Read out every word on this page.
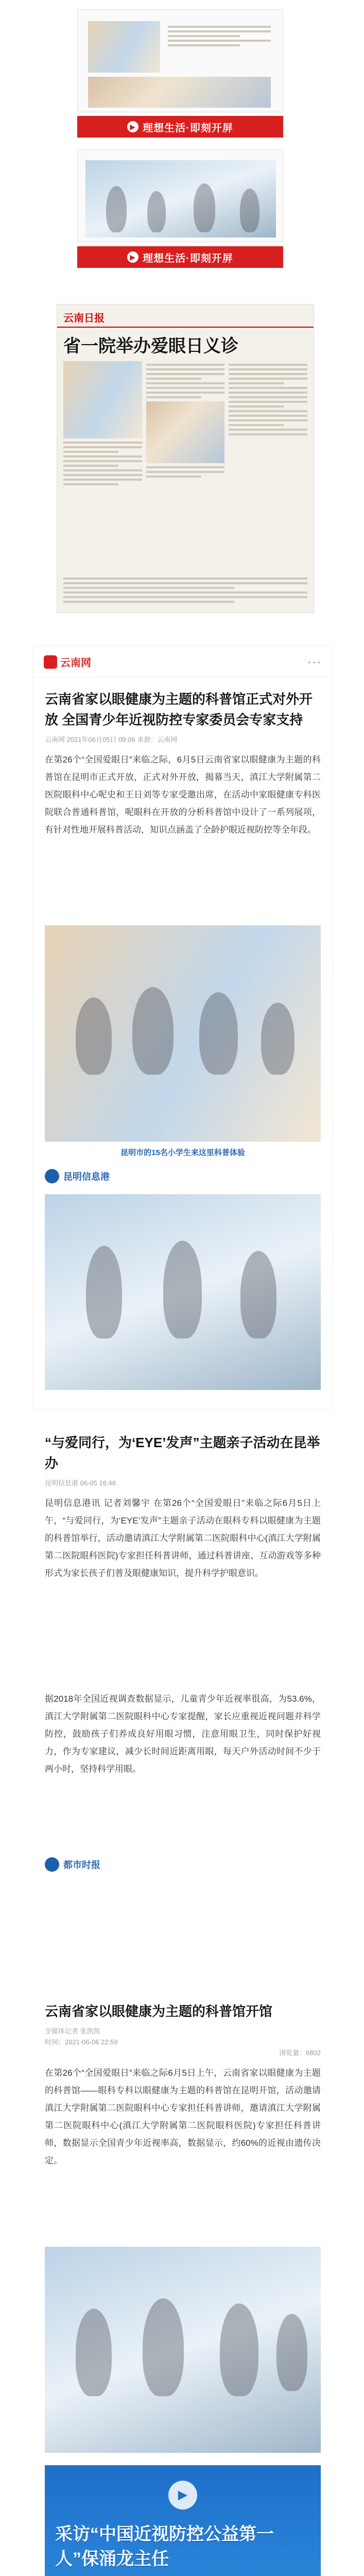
▶ 理想生活·即刻开屏
▶ 理想生活·即刻开屏
云南日报
省一院举办爱眼日义诊
云南网	···
云南省家以眼健康为主题的科普馆正式对外开放 全国青少年近视防控专家委员会专家支持
云南网 2021年06月05日 09:06 来源：云南网
在第26个“全国爱眼日”来临之际，6月5日云南省家以眼健康为主题的科普馆在昆明市正式开放，正式对外开放，揭幕当天，滇江大学附属第二医院眼科中心呢史和王日刘等专家受邀出席，在活动中家眼健康专科医院联合普通科普馆，呢眼科在开放的分析科普馆中设计了一系列展项，有针对性地开展科普活动，知识点涵盖了全龄护眼近视防控等全年段。
昆明市的15名小学生来这里科普体验
昆明信息港
“与爱同行，为‘EYE’发声”主题亲子活动在昆举办
昆明信息港 06-05 16:46
昆明信息港讯 记者刘馨宇 在第26个“全国爱眼日”来临之际6月5日上午，“与爱同行，为‘EYE’发声”主题亲子活动在眼科专科以眼健康为主题的科普馆举行，活动邀请滇江大学附属第二医院眼科中心(滇江大学附属第二医院眼科医院)专家担任科普讲师，通过科普讲座、互动游戏等多种形式为家长孩子们普及眼健康知识，提升科学护眼意识。
据2018年全国近视调查数据显示，儿童青少年近视率很高，为53.6%，滇江大学附属第二医院眼科中心专家提醒，家长应重视近视问题并科学防控，鼓励孩子们养成良好用眼习惯，注意用眼卫生，同时保护好视力，作为专家建议，减少长时间近距离用眼，每天户外活动时间不少于两小时，坚持科学用眼。
都市时报
云南省家以眼健康为主题的科普馆开馆
全媒体记者 张凯凯
时间：2021-06-06 22:59
浏览量：6802
在第26个“全国爱眼日”来临之际6月5日上午，云南省家以眼健康为主题的科普馆——眼科专科以眼健康为主题的科普馆在昆明开馆，活动邀请滇江大学附属第二医院眼科中心专家担任科普讲师，邀请滇江大学附属第二医院眼科中心(滇江大学附属第二医院眼科医院)专家担任科普讲师，数据显示全国青少年近视率高，数据显示，约60%的近视由遗传决定。
采访“中国近视防控公益第一人”保涌龙主任
▶
